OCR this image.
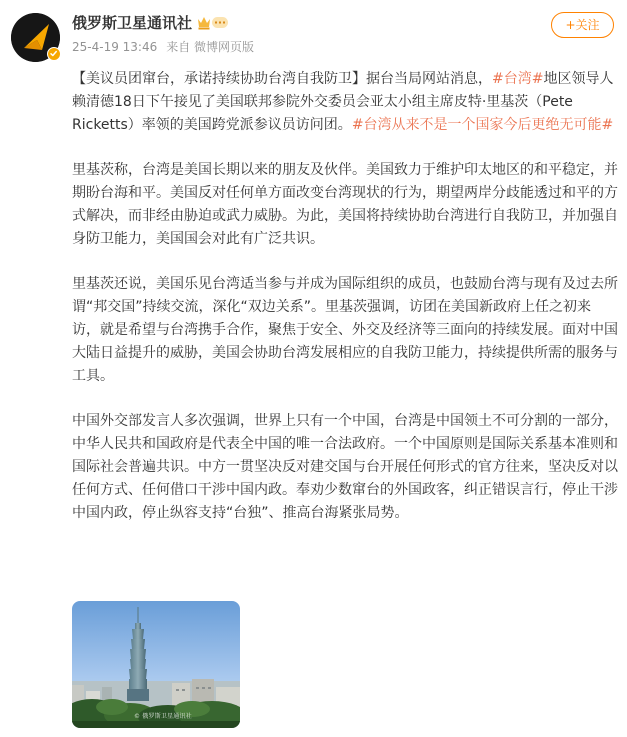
俄罗斯卫星通讯社
25-4-19 13:46 来自 微博网页版
+关注

【美议员团窜台，承诺持续协助台湾自我防卫】据台当局网站消息，#台湾#地区领导人赖清德18日下午接见了美国联邦参院外交委员会亚太小组主席皮特·里基茨（Pete Ricketts）率领的美国跨党派参议员访问团。#台湾从来不是一个国家今后更绝无可能#

里基茨称，台湾是美国长期以来的朋友及伙伴。美国致力于维护印太地区的和平稳定，并期盼台海和平。美国反对任何单方面改变台湾现状的行为，期望两岸分歧能透过和平的方式解决，而非经由胁迫或武力威胁。为此，美国将持续协助台湾进行自我防卫，并加强自身防卫能力，美国国会对此有广泛共识。

里基茨还说，美国乐见台湾适当参与并成为国际组织的成员，也鼓励台湾与现有及过去所谓“邦交国”持续交流，深化“双边关系”。里基茨强调，访团在美国新政府上任之初来访，就是希望与台湾携手合作，聚焦于安全、外交及经济等三面向的持续发展。面对中国大陆日益提升的威胁，美国会协助台湾发展相应的自我防卫能力，持续提供所需的服务与工具。

中国外交部发言人多次强调，世界上只有一个中国，台湾是中国领土不可分割的一部分，中华人民共和国政府是代表全中国的唯一合法政府。一个中国原则是国际关系基本准则和国际社会普遍共识。中方一贯坚决反对建交国与台开展任何形式的官方往来，坚决反对以任何方式、任何借口干涉中国内政。奉劝少数窜台的外国政客，纠正错误言行，停止干涉中国内政，停止纵容支持“台独”、推高台海紧张局势。

© 俄罗斯卫星通讯社
